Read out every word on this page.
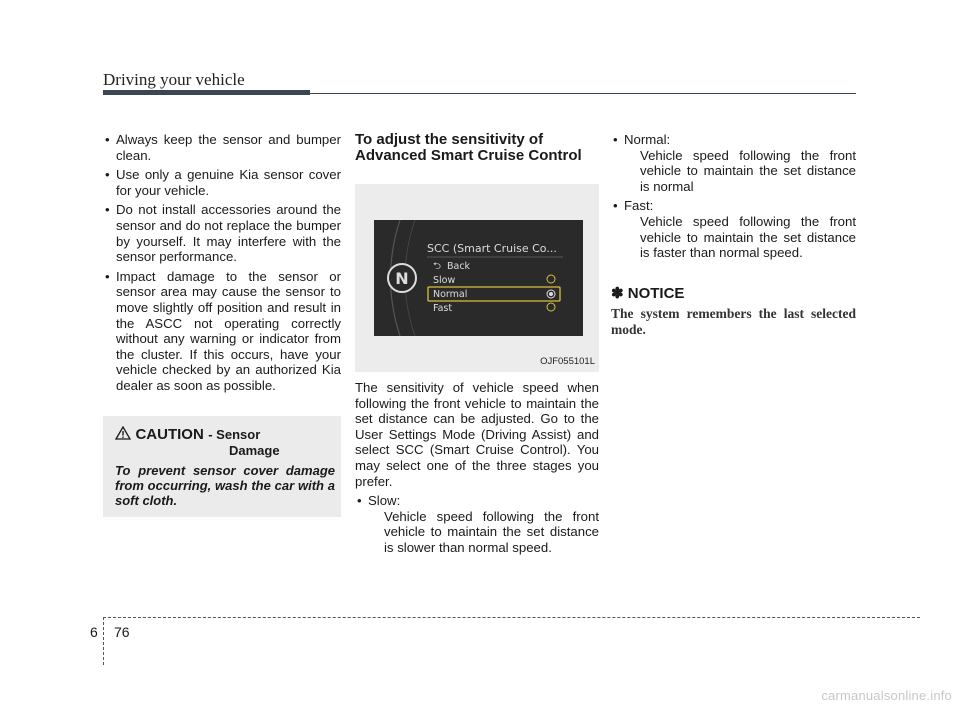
Driving your vehicle
• Always keep the sensor and bumper clean.
• Use only a genuine Kia sensor cover for your vehicle.
• Do not install accessories around the sensor and do not replace the bumper by yourself. It may interfere with the sensor performance.
• Impact damage to the sensor or sensor area may cause the sensor to move slightly off position and result in the ASCC not operating correctly without any warning or indicator from the cluster. If this occurs, have your vehicle checked by an authorized Kia dealer as soon as possible.
CAUTION - Sensor
Damage
To prevent sensor cover damage from occurring, wash the car with a soft cloth.
To adjust the sensitivity of Advanced Smart Cruise Control
N
SCC (Smart Cruise Co...
⮌ Back
Slow
Normal
Fast
OJF055101L
The sensitivity of vehicle speed when following the front vehicle to maintain the set distance can be adjusted. Go to the User Settings Mode (Driving Assist) and select SCC (Smart Cruise Control). You may select one of the three stages you prefer.
• Slow:
Vehicle speed following the front vehicle to maintain the set distance is slower than normal speed.
• Normal:
Vehicle speed following the front vehicle to maintain the set distance is normal
• Fast:
Vehicle speed following the front vehicle to maintain the set distance is faster than normal speed.
✽ NOTICE
The system remembers the last selected mode.
6 76
carmanualsonline.info
